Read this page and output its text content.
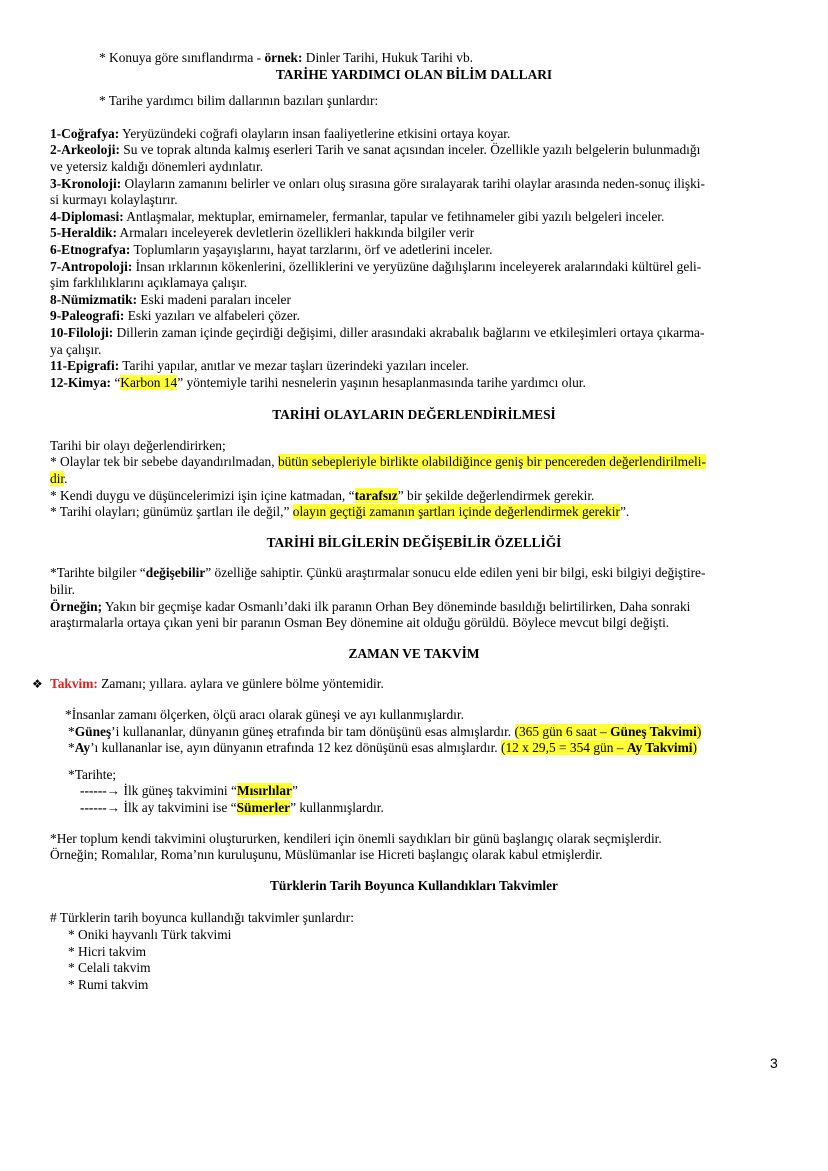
* Konuya göre sınıflandırma - örnek: Dinler Tarihi, Hukuk Tarihi vb.
TARİHE YARDIMCI OLAN BİLİM DALLARI
* Tarihe yardımcı bilim dallarının bazıları şunlardır:
1-Coğrafya: Yeryüzündeki coğrafi olayların insan faaliyetlerine etkisini ortaya koyar.
2-Arkeoloji: Su ve toprak altında kalmış eserleri Tarih ve sanat açısından inceler. Özellikle yazılı belgelerin bulunmadığı
ve yetersiz kaldığı dönemleri aydınlatır.
3-Kronoloji: Olayların zamanını belirler ve onları oluş sırasına göre sıralayarak tarihi olaylar arasında neden-sonuç ilişki-
si kurmayı kolaylaştırır.
4-Diplomasi: Antlaşmalar, mektuplar, emirnameler, fermanlar, tapular ve fetihnameler gibi yazılı belgeleri inceler.
5-Heraldik: Armaları inceleyerek devletlerin özellikleri hakkında bilgiler verir
6-Etnografya: Toplumların yaşayışlarını, hayat tarzlarını, örf ve adetlerini inceler.
7-Antropoloji: İnsan ırklarının kökenlerini, özelliklerini ve yeryüzüne dağılışlarını inceleyerek aralarındaki kültürel geli-
şim farklılıklarını açıklamaya çalışır.
8-Nümizmatik: Eski madeni paraları inceler
9-Paleografi: Eski yazıları ve alfabeleri çözer.
10-Filoloji: Dillerin zaman içinde geçirdiği değişimi, diller arasındaki akrabalık bağlarını ve etkileşimleri ortaya çıkarma-
ya çalışır.
11-Epigrafi: Tarihi yapılar, anıtlar ve mezar taşları üzerindeki yazıları inceler.
12-Kimya: “Karbon 14” yöntemiyle tarihi nesnelerin yaşının hesaplanmasında tarihe yardımcı olur.
TARİHİ OLAYLARIN DEĞERLENDİRİLMESİ
Tarihi bir olayı değerlendirirken;
* Olaylar tek bir sebebe dayandırılmadan, bütün sebepleriyle birlikte olabildiğince geniş bir pencereden değerlendirilmeli-
dir.
* Kendi duygu ve düşüncelerimizi işin içine katmadan, “tarafsız” bir şekilde değerlendirmek gerekir.
* Tarihi olayları; günümüz şartları ile değil,” olayın geçtiği zamanın şartları içinde değerlendirmek gerekir”.
TARİHİ BİLGİLERİN DEĞİŞEBİLİR ÖZELLİĞİ
*Tarihte bilgiler “değişebilir” özelliğe sahiptir. Çünkü araştırmalar sonucu elde edilen yeni bir bilgi, eski bilgiyi değiştire-
bilir.
Örneğin; Yakın bir geçmişe kadar Osmanlı’daki ilk paranın Orhan Bey döneminde basıldığı belirtilirken, Daha sonraki
araştırmalarla ortaya çıkan yeni bir paranın Osman Bey dönemine ait olduğu görüldü. Böylece mevcut bilgi değişti.
ZAMAN VE TAKVİM
❖ Takvim: Zamanı; yıllara. aylara ve günlere bölme yöntemidir.
*İnsanlar zamanı ölçerken, ölçü aracı olarak güneşi ve ayı kullanmışlardır.
*Güneş’i kullananlar, dünyanın güneş etrafında bir tam dönüşünü esas almışlardır. (365 gün 6 saat – Güneş Takvimi)
*Ay’ı kullananlar ise, ayın dünyanın etrafında 12 kez dönüşünü esas almışlardır. (12 x 29,5 = 354 gün – Ay Takvimi)
*Tarihte;
------→ İlk güneş takvimini “Mısırlılar”
------→ İlk ay takvimini ise “Sümerler” kullanmışlardır.
*Her toplum kendi takvimini oluştururken, kendileri için önemli saydıkları bir günü başlangıç olarak seçmişlerdir.
Örneğin; Romalılar, Roma’nın kuruluşunu, Müslümanlar ise Hicreti başlangıç olarak kabul etmişlerdir.
Türklerin Tarih Boyunca Kullandıkları Takvimler
# Türklerin tarih boyunca kullandığı takvimler şunlardır:
* Oniki hayvanlı Türk takvimi
* Hicri takvim
* Celali takvim
* Rumi takvim
3
